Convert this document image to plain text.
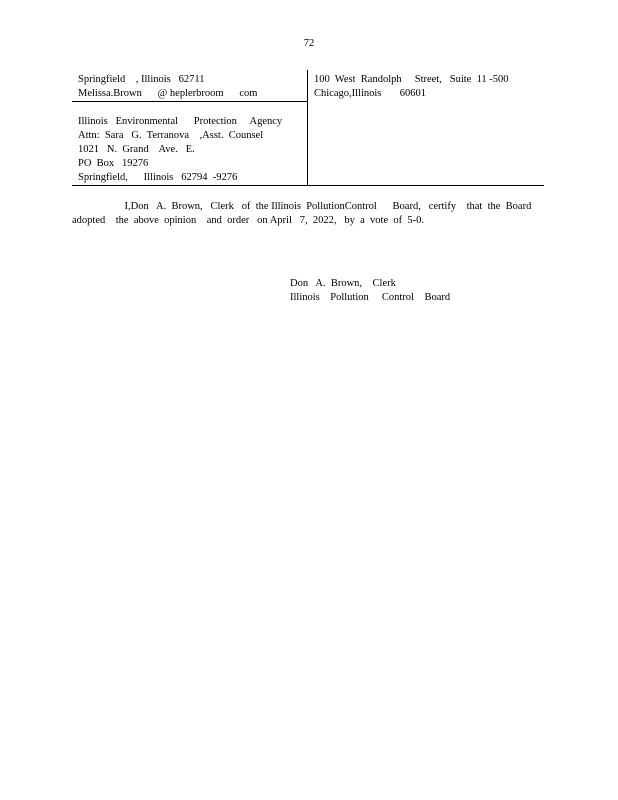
72
Springfield    , Illinois   62711
Melissa.Brown      @ heplerbroom      com
Illinois   Environmental      Protection     Agency
Attn:  Sara   G.  Terranova    ,Asst.  Counsel
1021   N.  Grand    Ave.   E.
PO  Box   19276
Springfield,      Illinois   62794  -9276
100  West  Randolph     Street,   Suite  11 -500
Chicago,Illinois       60601
I,Don   A.  Brown,   Clerk   of  the Illinois  PollutionControl      Board,   certify    that  the  Board
adopted    the  above  opinion    and  order   on April   7,  2022,   by  a  vote  of  5-0.
Don   A.  Brown,    Clerk
Illinois    Pollution     Control    Board
